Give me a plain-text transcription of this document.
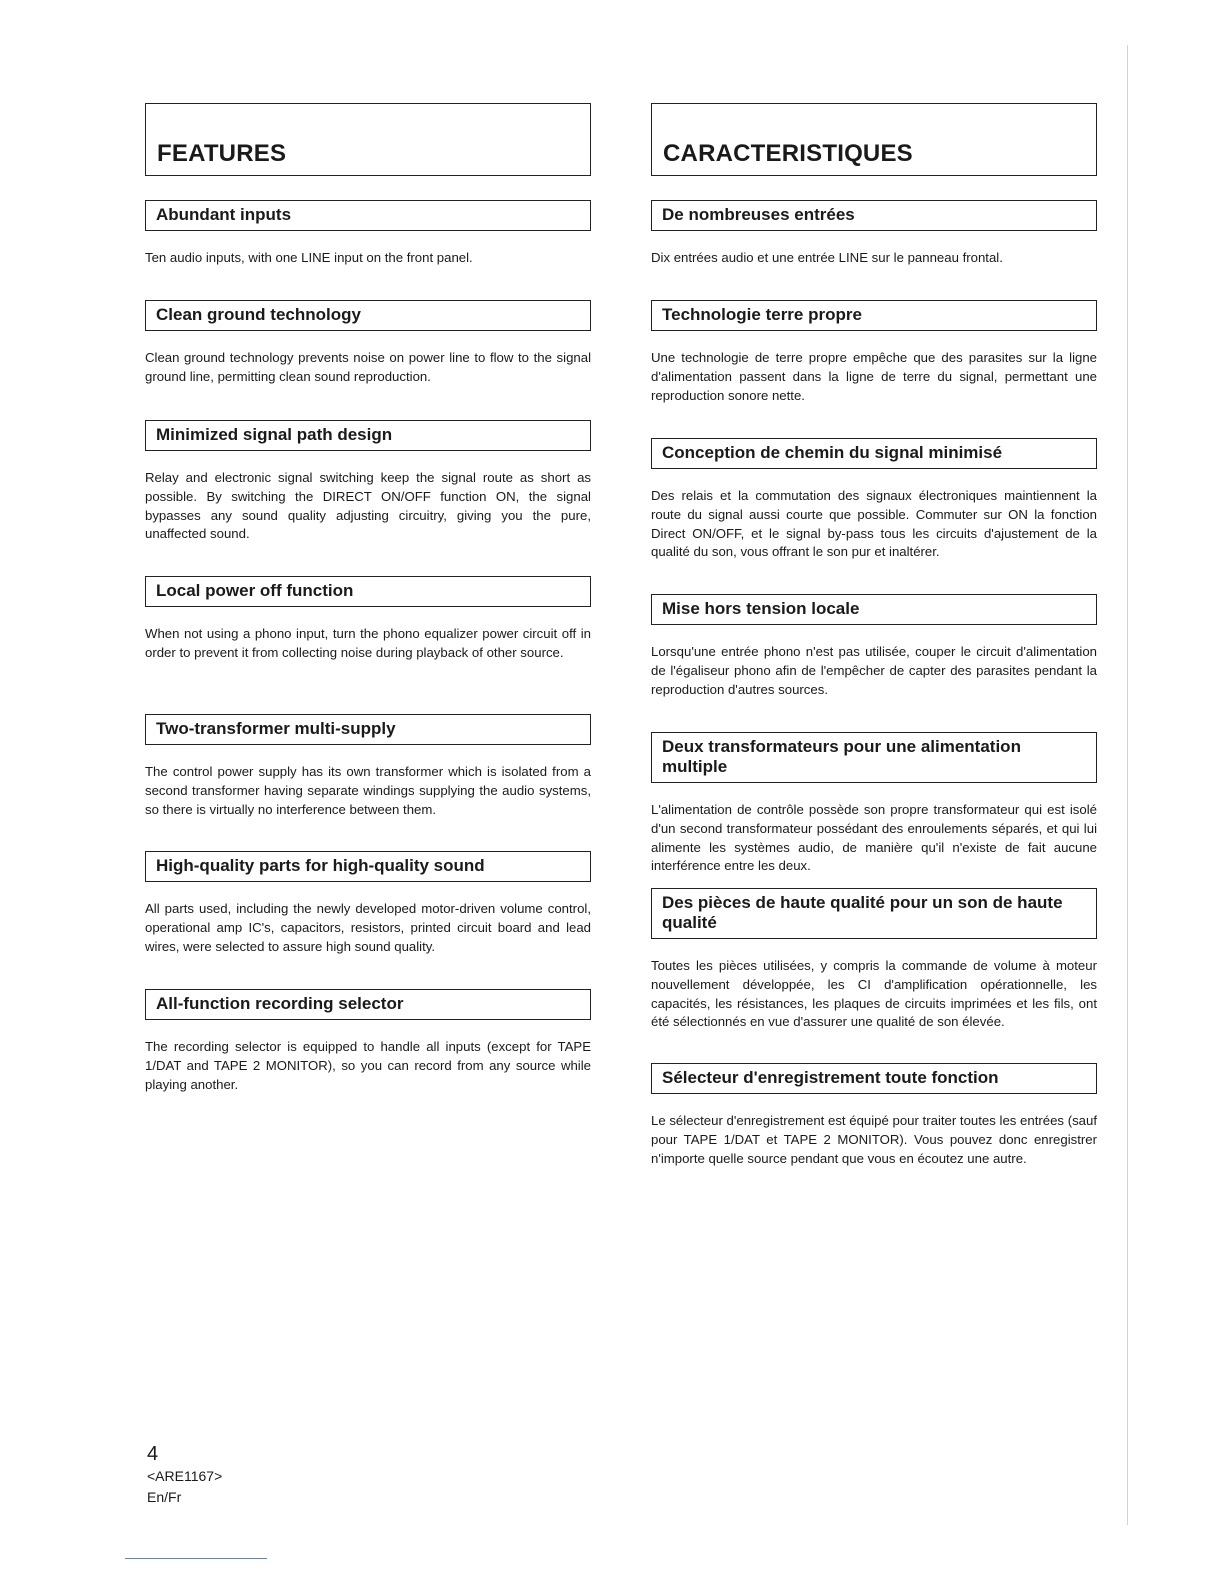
FEATURES
Abundant inputs
Ten audio inputs, with one LINE input on the front panel.
Clean ground technology
Clean ground technology prevents noise on power line to flow to the signal ground line, permitting clean sound reproduction.
Minimized signal path design
Relay and electronic signal switching keep the signal route as short as possible. By switching the DIRECT ON/OFF function ON, the signal bypasses any sound quality adjusting circuitry, giving you the pure, unaffected sound.
Local power off function
When not using a phono input, turn the phono equalizer power circuit off in order to prevent it from collecting noise during playback of other source.
Two-transformer multi-supply
The control power supply has its own transformer which is isolated from a second transformer having separate windings supplying the audio systems, so there is virtually no interference between them.
High-quality parts for high-quality sound
All parts used, including the newly developed motor-driven volume control, operational amp IC's, capacitors, resistors, printed circuit board and lead wires, were selected to assure high sound quality.
All-function recording selector
The recording selector is equipped to handle all inputs (except for TAPE 1/DAT and TAPE 2 MONITOR), so you can record from any source while playing another.
CARACTERISTIQUES
De nombreuses entrées
Dix entrées audio et une entrée LINE sur le panneau frontal.
Technologie terre propre
Une technologie de terre propre empêche que des parasites sur la ligne d'alimentation passent dans la ligne de terre du signal, permettant une reproduction sonore nette.
Conception de chemin du signal minimisé
Des relais et la commutation des signaux électroniques maintiennent la route du signal aussi courte que possible. Commuter sur ON la fonction Direct ON/OFF, et le signal by-pass tous les circuits d'ajustement de la qualité du son, vous offrant le son pur et inaltérer.
Mise hors tension locale
Lorsqu'une entrée phono n'est pas utilisée, couper le circuit d'alimentation de l'égaliseur phono afin de l'empêcher de capter des parasites pendant la reproduction d'autres sources.
Deux transformateurs pour une alimentation multiple
L'alimentation de contrôle possède son propre transformateur qui est isolé d'un second transformateur possédant des enroulements séparés, et qui lui alimente les systèmes audio, de manière qu'il n'existe de fait aucune interférence entre les deux.
Des pièces de haute qualité pour un son de haute qualité
Toutes les pièces utilisées, y compris la commande de volume à moteur nouvellement développée, les CI d'amplification opérationnelle, les capacités, les résistances, les plaques de circuits imprimées et les fils, ont été sélectionnés en vue d'assurer une qualité de son élevée.
Sélecteur d'enregistrement toute fonction
Le sélecteur d'enregistrement est équipé pour traiter toutes les entrées (sauf pour TAPE 1/DAT et TAPE 2 MONITOR). Vous pouvez donc enregistrer n'importe quelle source pendant que vous en écoutez une autre.
4
<ARE1167>
En/Fr
